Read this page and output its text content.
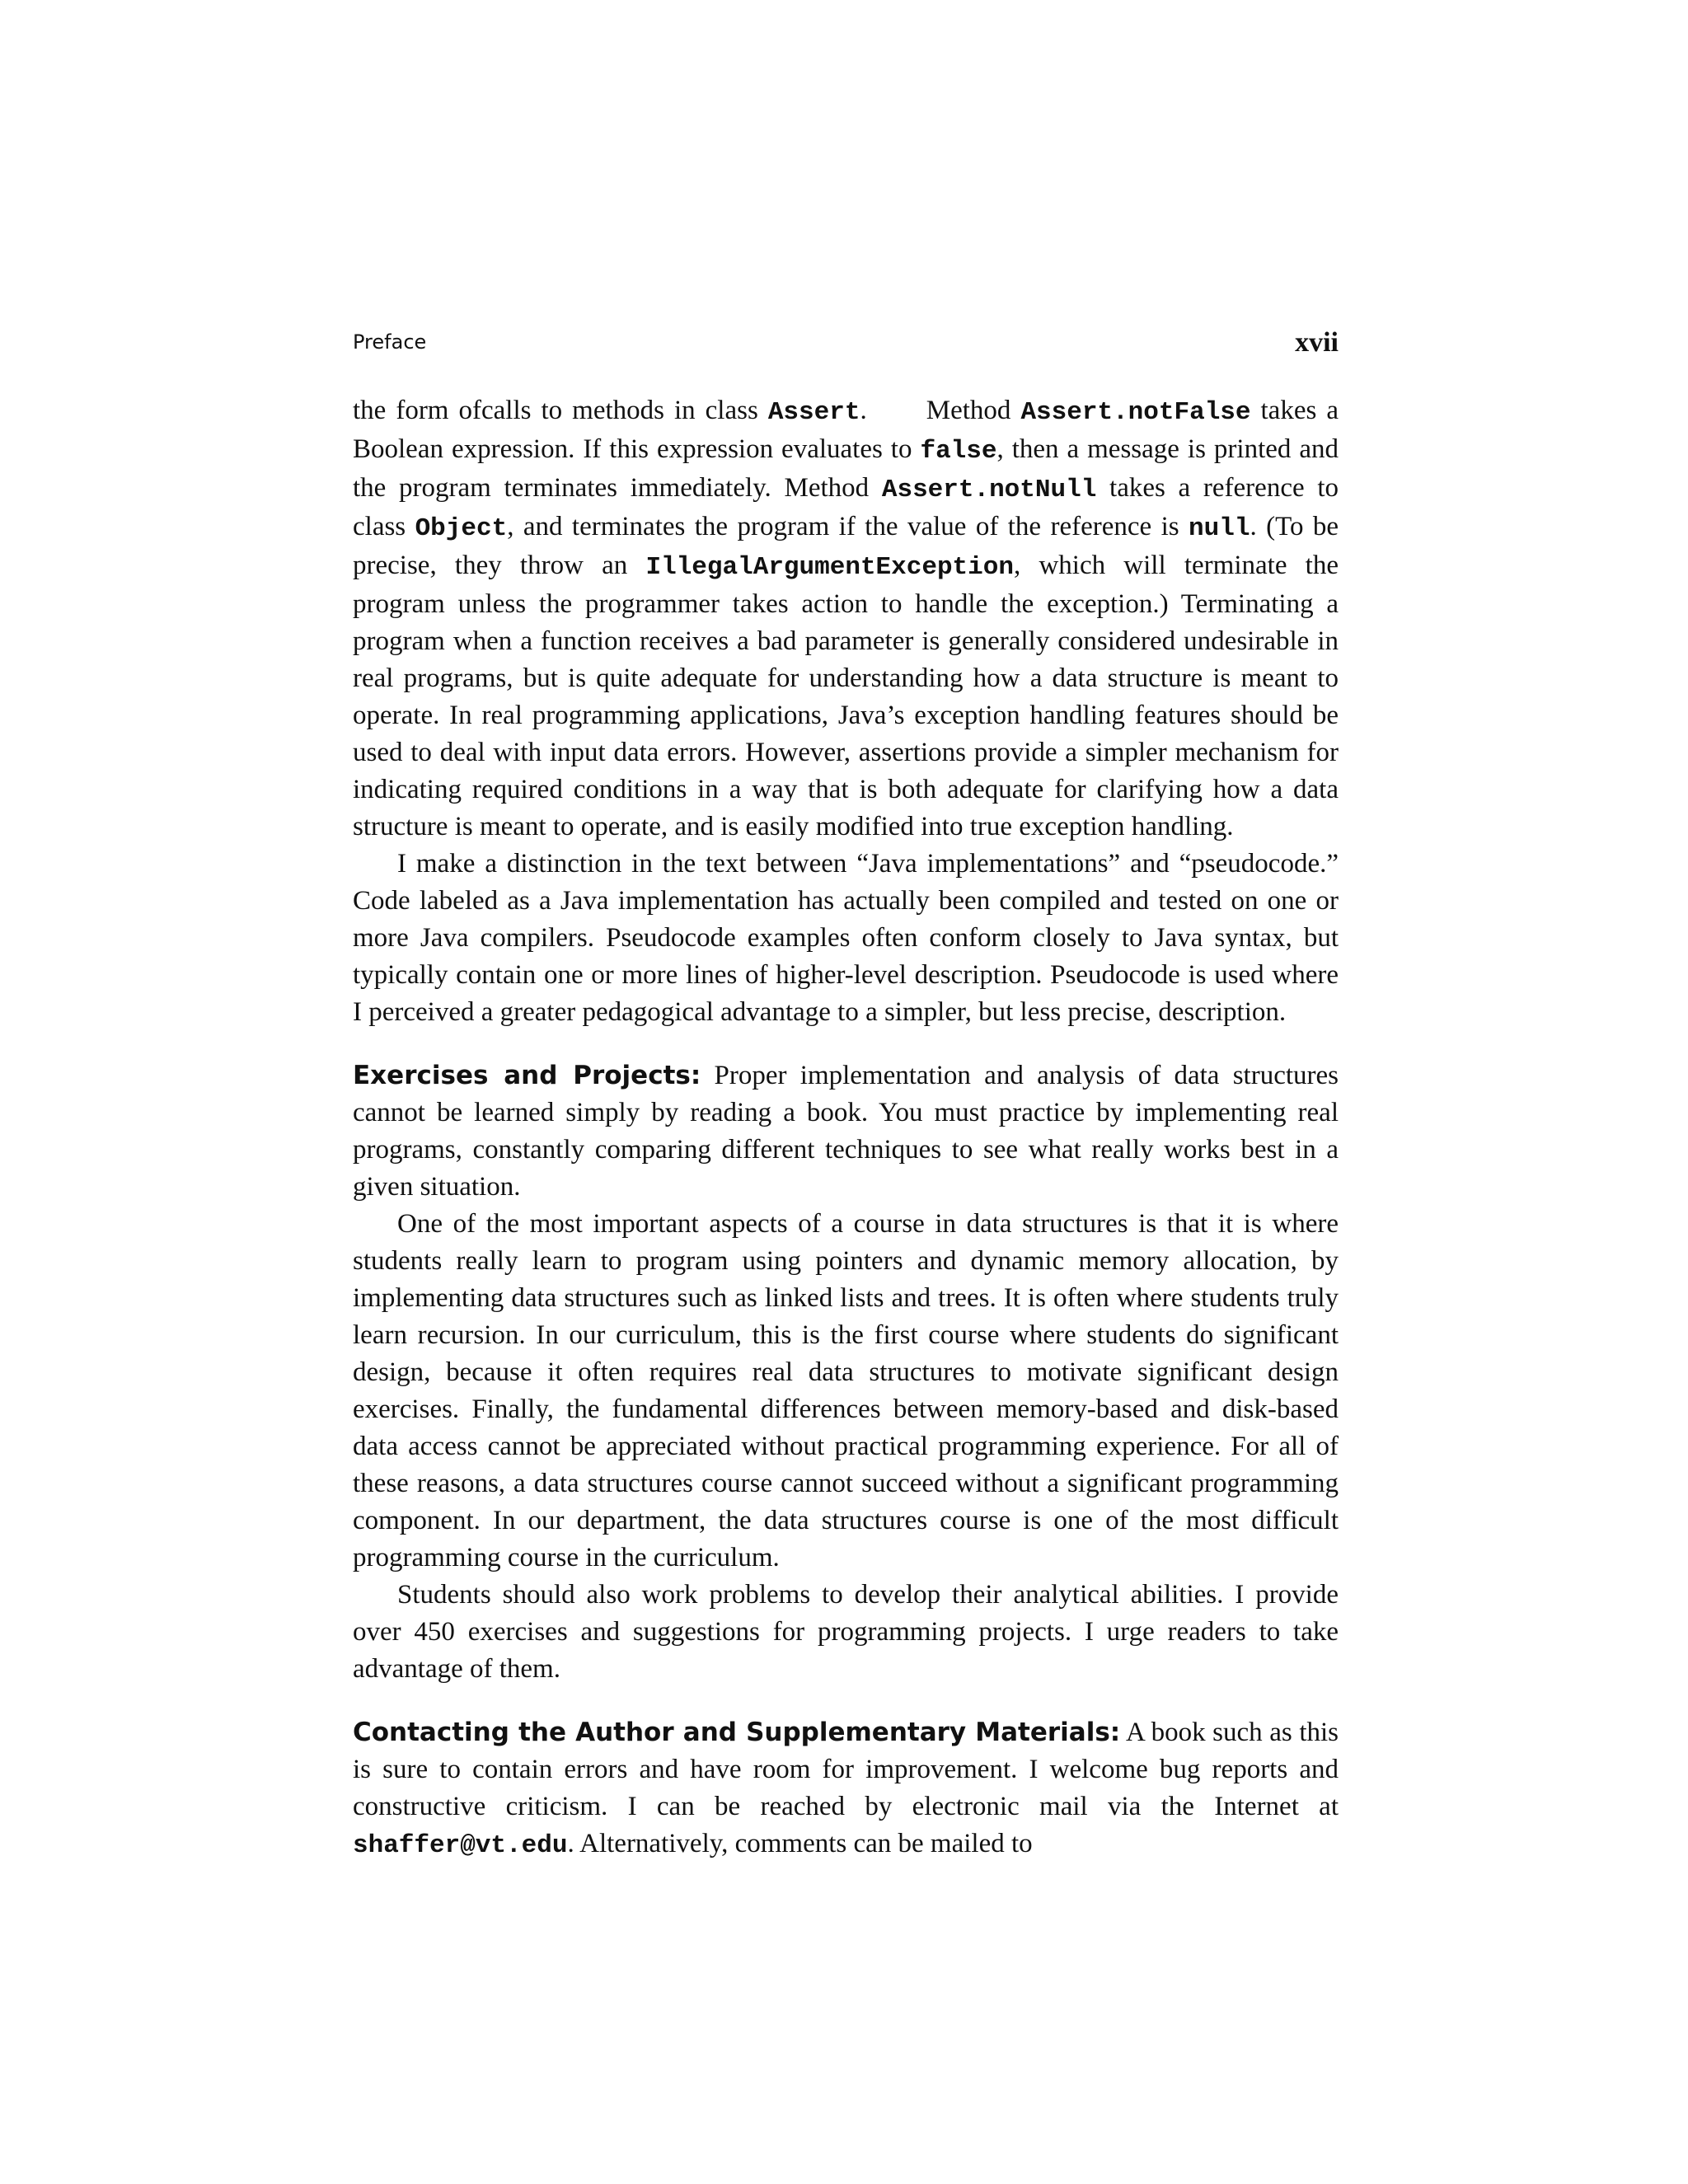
Preface	xvii

the form ofcalls to methods in class Assert.      Method Assert.notFalse takes a Boolean expression. If this expression evaluates to false, then a message is printed and the program terminates immediately. Method Assert.notNull takes a reference to class Object, and terminates the program if the value of the reference is null. (To be precise, they throw an IllegalArgumentException, which will terminate the program unless the programmer takes action to handle the exception.) Terminating a program when a function receives a bad parameter is generally considered undesirable in real programs, but is quite adequate for understanding how a data structure is meant to operate. In real programming applications, Java’s exception handling features should be used to deal with input data errors. However, assertions provide a simpler mechanism for indicating required conditions in a way that is both adequate for clarifying how a data structure is meant to operate, and is easily modified into true exception handling.

I make a distinction in the text between “Java implementations” and “pseudocode.” Code labeled as a Java implementation has actually been compiled and tested on one or more Java compilers. Pseudocode examples often conform closely to Java syntax, but typically contain one or more lines of higher-level description. Pseudocode is used where I perceived a greater pedagogical advantage to a simpler, but less precise, description.

Exercises and Projects: Proper implementation and analysis of data structures cannot be learned simply by reading a book. You must practice by implementing real programs, constantly comparing different techniques to see what really works best in a given situation.

One of the most important aspects of a course in data structures is that it is where students really learn to program using pointers and dynamic memory allocation, by implementing data structures such as linked lists and trees. It is often where students truly learn recursion. In our curriculum, this is the first course where students do significant design, because it often requires real data structures to motivate significant design exercises. Finally, the fundamental differences between memory-based and disk-based data access cannot be appreciated without practical programming experience. For all of these reasons, a data structures course cannot succeed without a significant programming component. In our department, the data structures course is one of the most difficult programming course in the curriculum.

Students should also work problems to develop their analytical abilities. I provide over 450 exercises and suggestions for programming projects. I urge readers to take advantage of them.

Contacting the Author and Supplementary Materials: A book such as this is sure to contain errors and have room for improvement. I welcome bug reports and constructive criticism. I can be reached by electronic mail via the Internet at shaffer@vt.edu. Alternatively, comments can be mailed to
